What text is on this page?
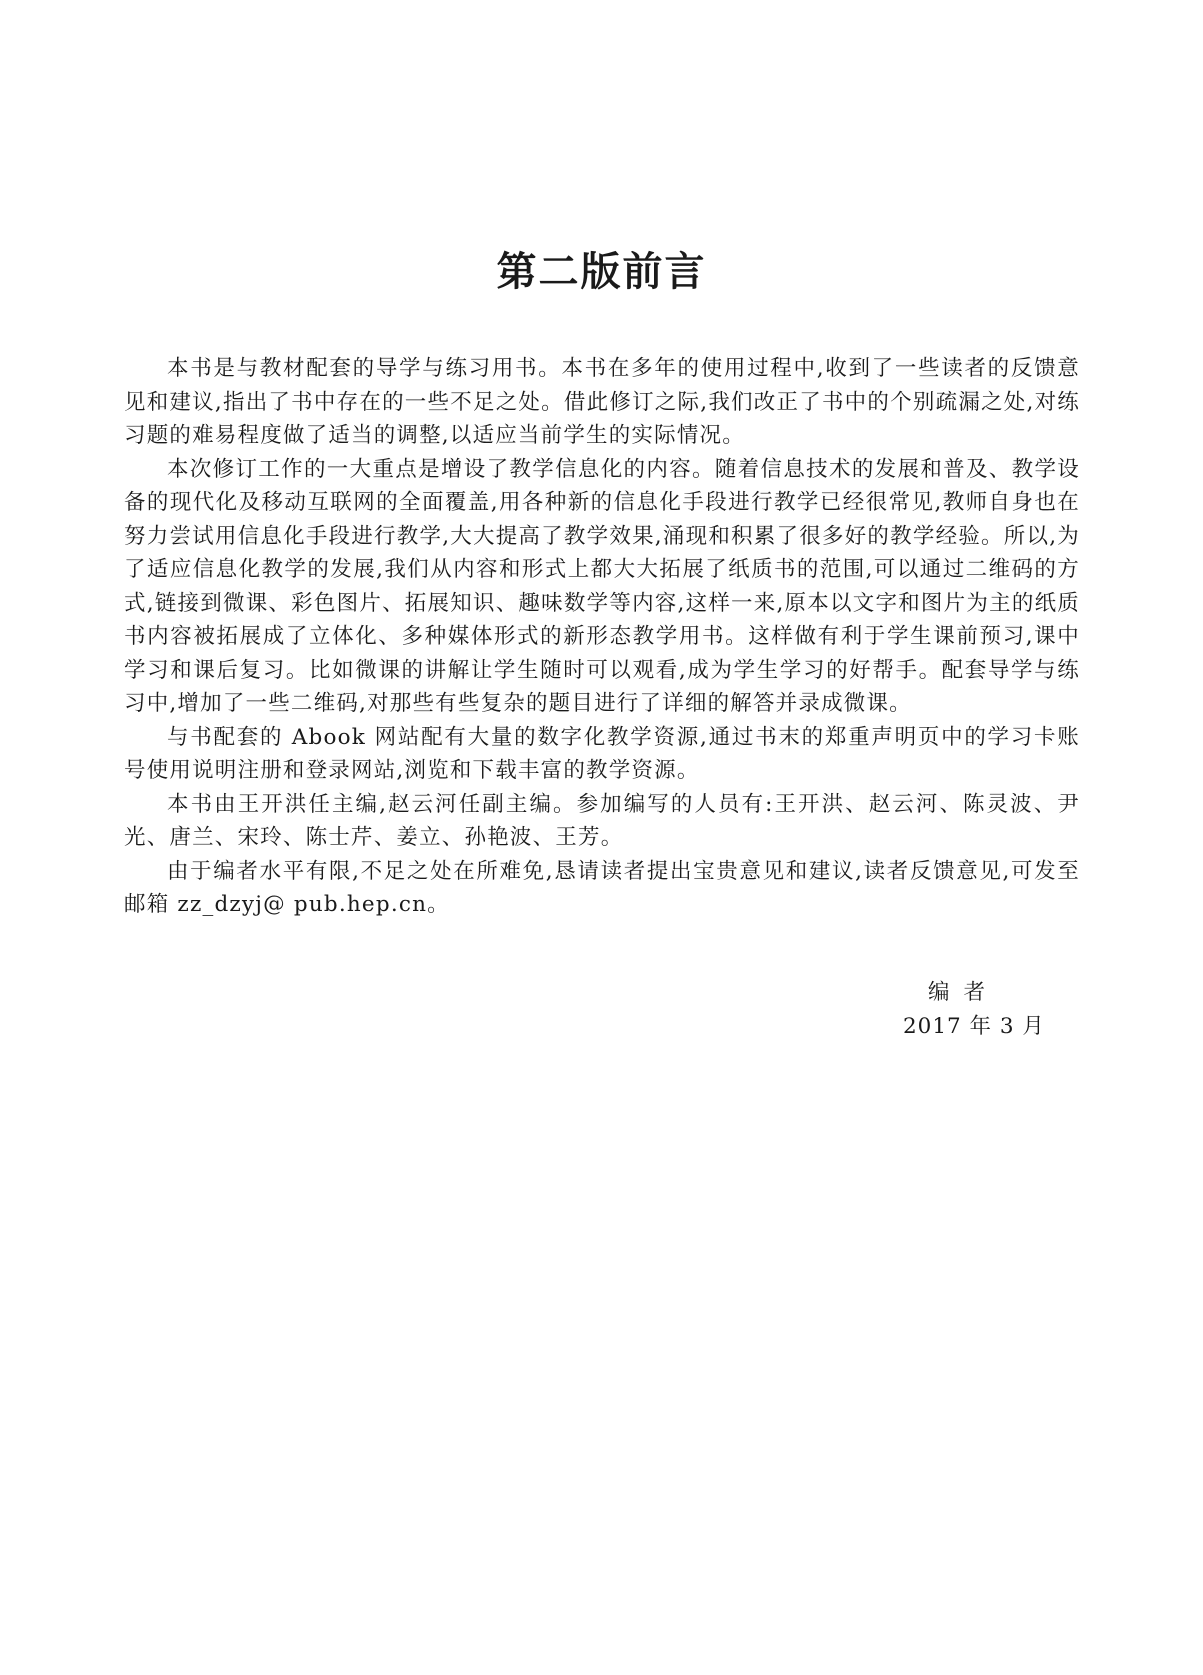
第二版前言

本书是与教材配套的导学与练习用书。本书在多年的使用过程中,收到了一些读者的反馈意见和建议,指出了书中存在的一些不足之处。借此修订之际,我们改正了书中的个别疏漏之处,对练习题的难易程度做了适当的调整,以适应当前学生的实际情况。

本次修订工作的一大重点是增设了教学信息化的内容。随着信息技术的发展和普及、教学设备的现代化及移动互联网的全面覆盖,用各种新的信息化手段进行教学已经很常见,教师自身也在努力尝试用信息化手段进行教学,大大提高了教学效果,涌现和积累了很多好的教学经验。所以,为了适应信息化教学的发展,我们从内容和形式上都大大拓展了纸质书的范围,可以通过二维码的方式,链接到微课、彩色图片、拓展知识、趣味数学等内容,这样一来,原本以文字和图片为主的纸质书内容被拓展成了立体化、多种媒体形式的新形态教学用书。这样做有利于学生课前预习,课中学习和课后复习。比如微课的讲解让学生随时可以观看,成为学生学习的好帮手。配套导学与练习中,增加了一些二维码,对那些有些复杂的题目进行了详细的解答并录成微课。

与书配套的 Abook 网站配有大量的数字化教学资源,通过书末的郑重声明页中的学习卡账号使用说明注册和登录网站,浏览和下载丰富的教学资源。

本书由王开洪任主编,赵云河任副主编。参加编写的人员有:王开洪、赵云河、陈灵波、尹光、唐兰、宋玲、陈士芹、姜立、孙艳波、王芳。

由于编者水平有限,不足之处在所难免,恳请读者提出宝贵意见和建议,读者反馈意见,可发至邮箱 zz_dzyj@ pub.hep.cn。

编者
2017 年 3 月
